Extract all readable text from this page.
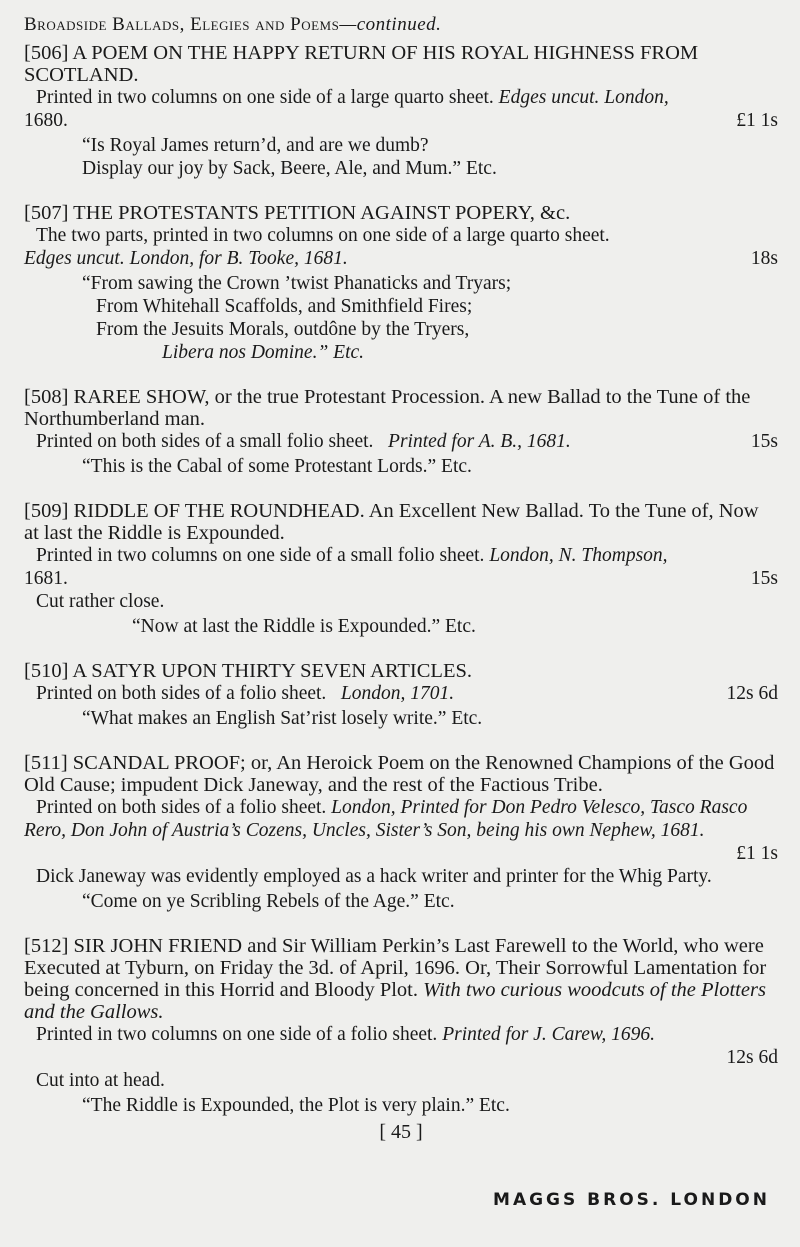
Broadside Ballads, Elegies and Poems—continued.

[506] A POEM ON THE HAPPY RETURN OF HIS ROYAL HIGHNESS FROM SCOTLAND.

Printed in two columns on one side of a large quarto sheet. Edges uncut. London,

1680.	£1 1s
“Is Royal James return’d, and are we dumb?
Display our joy by Sack, Beere, Ale, and Mum.” Etc.

[507] THE PROTESTANTS PETITION AGAINST POPERY, &c.

The two parts, printed in two columns on one side of a large quarto sheet.

Edges uncut. London, for B. Tooke, 1681.	18s
“From sawing the Crown ’twist Phanaticks and Tryars;
From Whitehall Scaffolds, and Smithfield Fires;
From the Jesuits Morals, outdône by the Tryers,
Libera nos Domine.” Etc.

[508] RAREE SHOW, or the true Protestant Procession. A new Ballad to the Tune of the Northumberland man.

Printed on both sides of a small folio sheet. Printed for A. B., 1681.	15s
“This is the Cabal of some Protestant Lords.” Etc.

[509] RIDDLE OF THE ROUNDHEAD. An Excellent New Ballad. To the Tune of, Now at last the Riddle is Expounded.

Printed in two columns on one side of a small folio sheet. London, N. Thompson,

1681.	15s

Cut rather close.

“Now at last the Riddle is Expounded.” Etc.

[510] A SATYR UPON THIRTY SEVEN ARTICLES.

Printed on both sides of a folio sheet. London, 1701.	12s 6d
“What makes an English Sat’rist losely write.” Etc.

[511] SCANDAL PROOF; or, An Heroick Poem on the Renowned Champions of the Good Old Cause; impudent Dick Janeway, and the rest of the Factious Tribe.

Printed on both sides of a folio sheet. London, Printed for Don Pedro Velesco, Tasco Rasco Rero, Don John of Austria’s Cozens, Uncles, Sister’s Son, being his own Nephew, 1681.

£1 1s

Dick Janeway was evidently employed as a hack writer and printer for the Whig Party.

“Come on ye Scribling Rebels of the Age.” Etc.

[512] SIR JOHN FRIEND and Sir William Perkin’s Last Farewell to the World, who were Executed at Tyburn, on Friday the 3d. of April, 1696. Or, Their Sorrowful Lamentation for being concerned in this Horrid and Bloody Plot. With two curious woodcuts of the Plotters and the Gallows.

Printed in two columns on one side of a folio sheet. Printed for J. Carew, 1696.

12s 6d

Cut into at head.

“The Riddle is Expounded, the Plot is very plain.” Etc.
[ 45 ]
MAGGS BROS. LONDON
